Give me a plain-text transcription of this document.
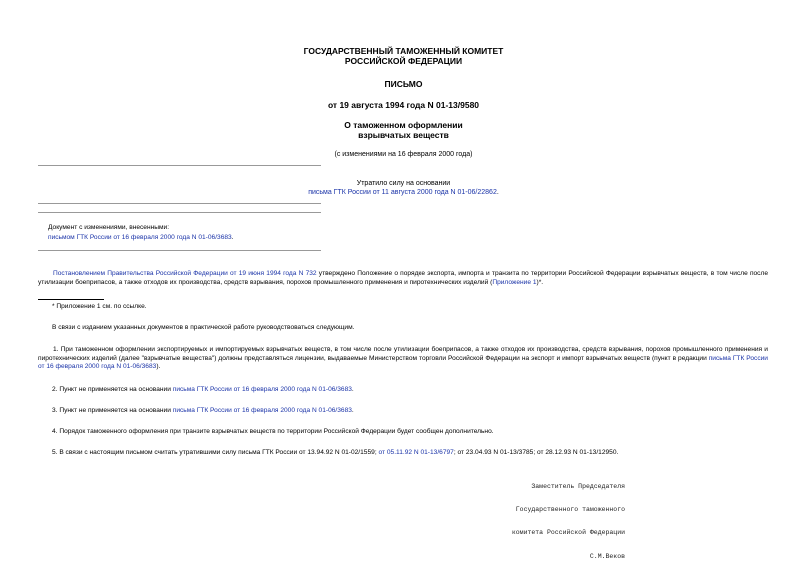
ГОСУДАРСТВЕННЫЙ ТАМОЖЕННЫЙ КОМИТЕТ
РОССИЙСКОЙ ФЕДЕРАЦИИ
ПИСЬМО
от 19 августа 1994 года N 01-13/9580
О таможенном оформлении
взрывчатых веществ
(с изменениями на 16 февраля 2000 года)
Утратило силу на основании
письма ГТК России от 11 августа 2000 года N 01-06/22862.
Документ с изменениями, внесенными:
письмом ГТК России от 16 февраля 2000 года N 01-06/3683.
Постановлением Правительства Российской Федерации от 19 июня 1994 года N 732 утверждено Положение о порядке экспорта, импорта и транзита по территории Российской Федерации взрывчатых веществ, в том числе после утилизации боеприпасов, а также отходов их производства, средств взрывания, порохов промышленного применения и пиротехнических изделий (Приложение 1)*.
* Приложение 1 см. по ссылке.
В связи с изданием указанных документов в практической работе руководствоваться следующим.
1. При таможенном оформлении экспортируемых и импортируемых взрывчатых веществ, в том числе после утилизации боеприпасов, а также отходов их производства, средств взрывания, порохов промышленного применения и пиротехнических изделий (далее "взрывчатые вещества") должны представляться лицензии, выдаваемые Министерством торговли Российской Федерации на экспорт и импорт взрывчатых веществ (пункт в редакции письма ГТК России от 16 февраля 2000 года N 01-06/3683).
2. Пункт не применяется на основании письма ГТК России от 16 февраля 2000 года N 01-06/3683.
3. Пункт не применяется на основании письма ГТК России от 16 февраля 2000 года N 01-06/3683.
4. Порядок таможенного оформления при транзите взрывчатых веществ по территории Российской Федерации будет сообщен дополнительно.
5. В связи с настоящим письмом считать утратившими силу письма ГТК России от 13.94.92 N 01-02/1559; от 05.11.92 N 01-13/6797; от 23.04.93 N 01-13/3785; от 28.12.93 N 01-13/12950.

Заместитель Председателя

Государственного таможенного

комитета Российской Федерации

С.М.Веков
